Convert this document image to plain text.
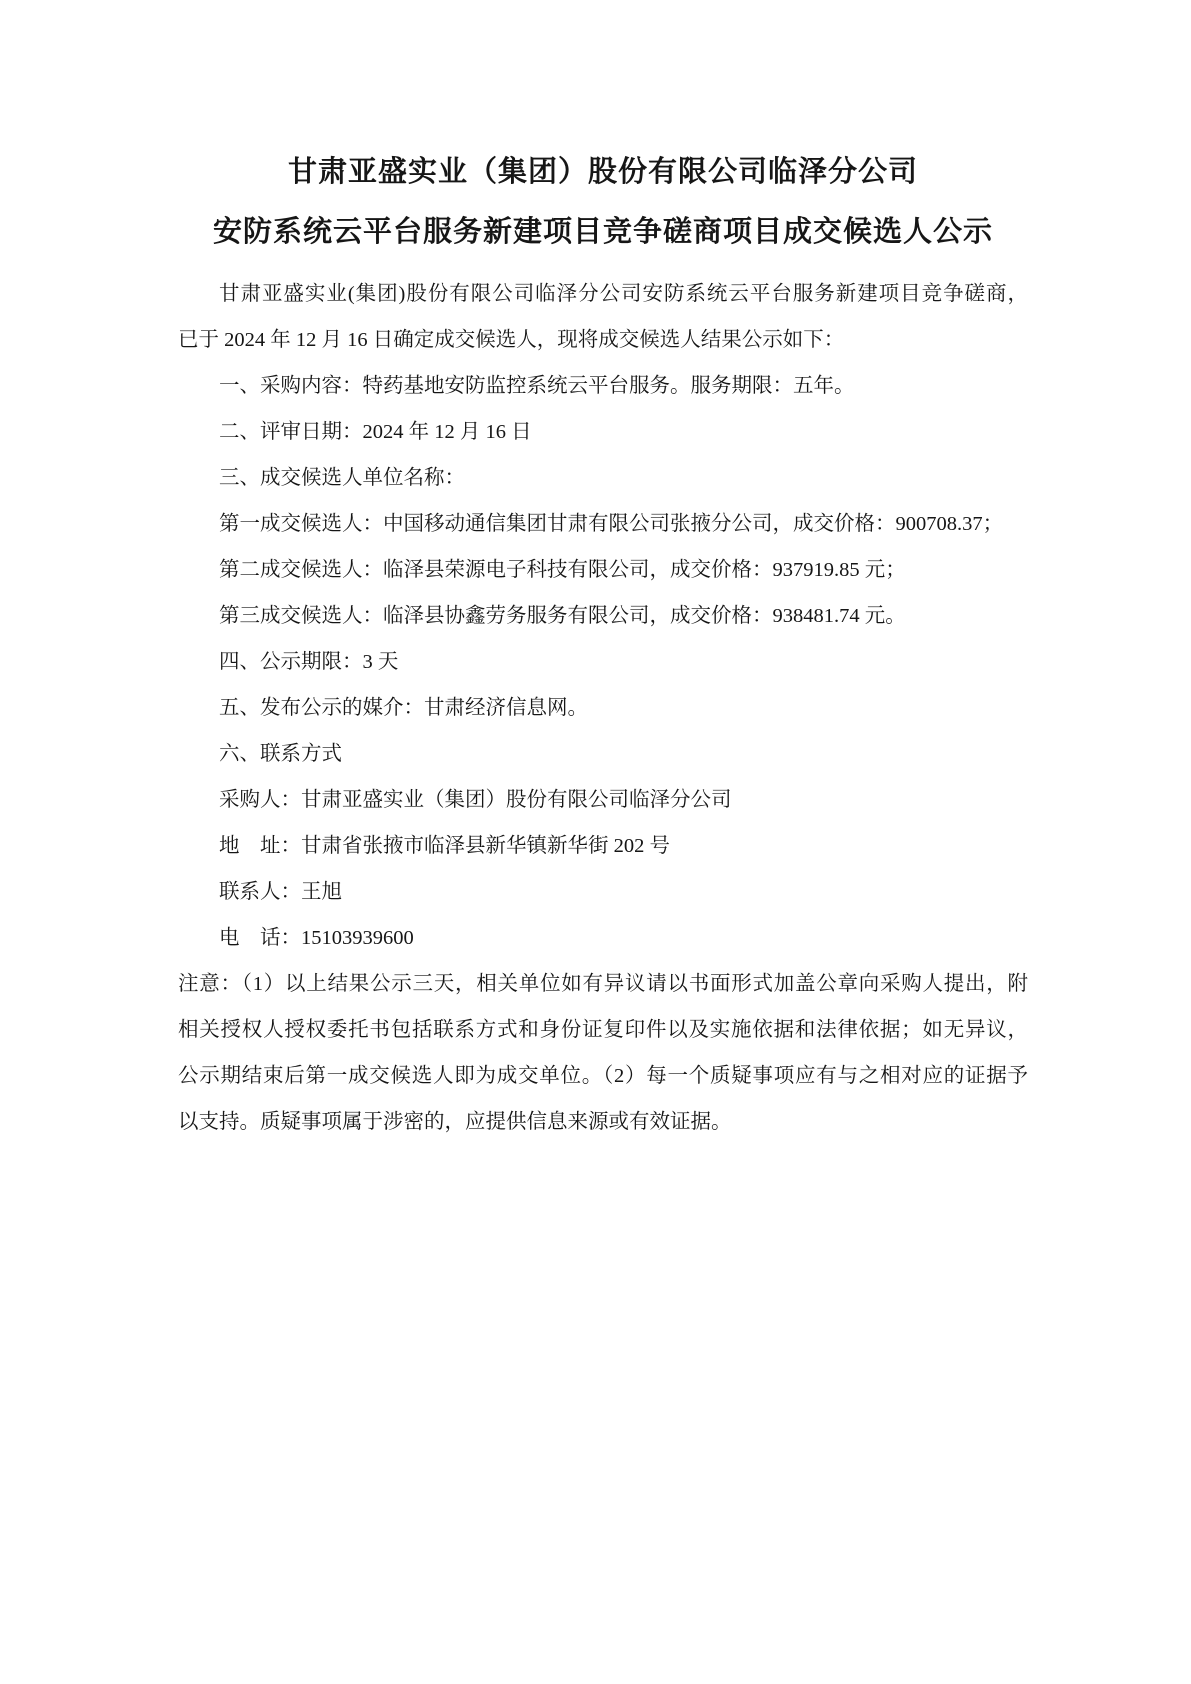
甘肃亚盛实业（集团）股份有限公司临泽分公司
安防系统云平台服务新建项目竞争磋商项目成交候选人公示
甘肃亚盛实业(集团)股份有限公司临泽分公司安防系统云平台服务新建项目竞争磋商，
已于 2024 年 12 月 16 日确定成交候选人，现将成交候选人结果公示如下：
一、采购内容：特药基地安防监控系统云平台服务。服务期限：五年。
二、评审日期：2024 年 12 月 16 日
三、成交候选人单位名称：
第一成交候选人：中国移动通信集团甘肃有限公司张掖分公司，成交价格：900708.37；
第二成交候选人：临泽县荣源电子科技有限公司，成交价格：937919.85 元；
第三成交候选人：临泽县协鑫劳务服务有限公司，成交价格：938481.74 元。
四、公示期限：3 天
五、发布公示的媒介：甘肃经济信息网。
六、联系方式
采购人：甘肃亚盛实业（集团）股份有限公司临泽分公司
地　址：甘肃省张掖市临泽县新华镇新华街 202 号
联系人：王旭
电　话：15103939600
注意：（1）以上结果公示三天，相关单位如有异议请以书面形式加盖公章向采购人提出，附
相关授权人授权委托书包括联系方式和身份证复印件以及实施依据和法律依据；如无异议，
公示期结束后第一成交候选人即为成交单位。（2）每一个质疑事项应有与之相对应的证据予
以支持。质疑事项属于涉密的，应提供信息来源或有效证据。
